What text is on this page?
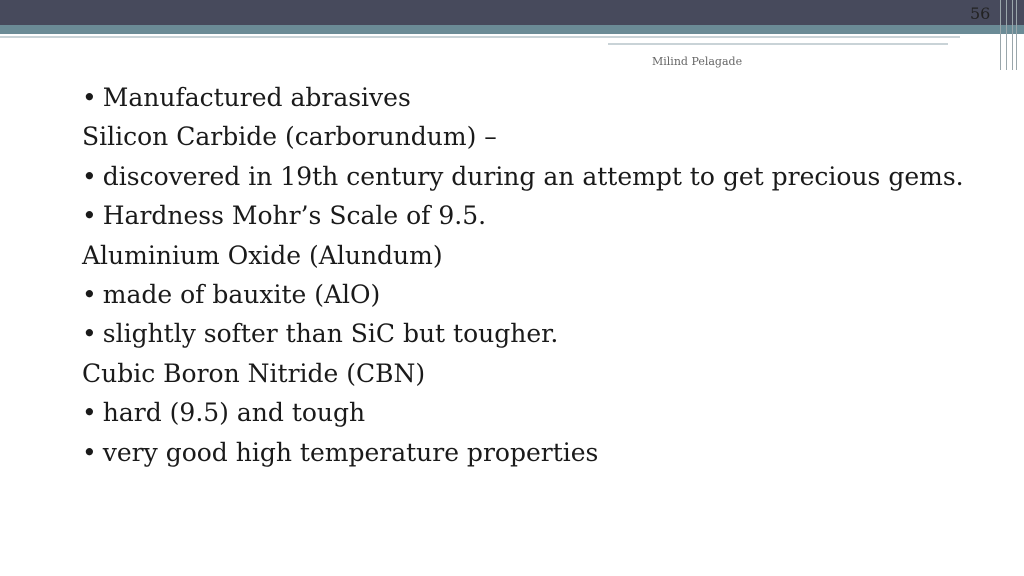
56
Milind Pelagade
• Manufactured abrasives
Silicon Carbide (carborundum) –
• discovered in 19th century during an attempt to get precious gems.
• Hardness Mohr’s Scale of 9.5.
Aluminium Oxide (Alundum)
• made of bauxite (AlO)
• slightly softer than SiC but tougher.
Cubic Boron Nitride (CBN)
• hard (9.5) and tough
• very good high temperature properties
